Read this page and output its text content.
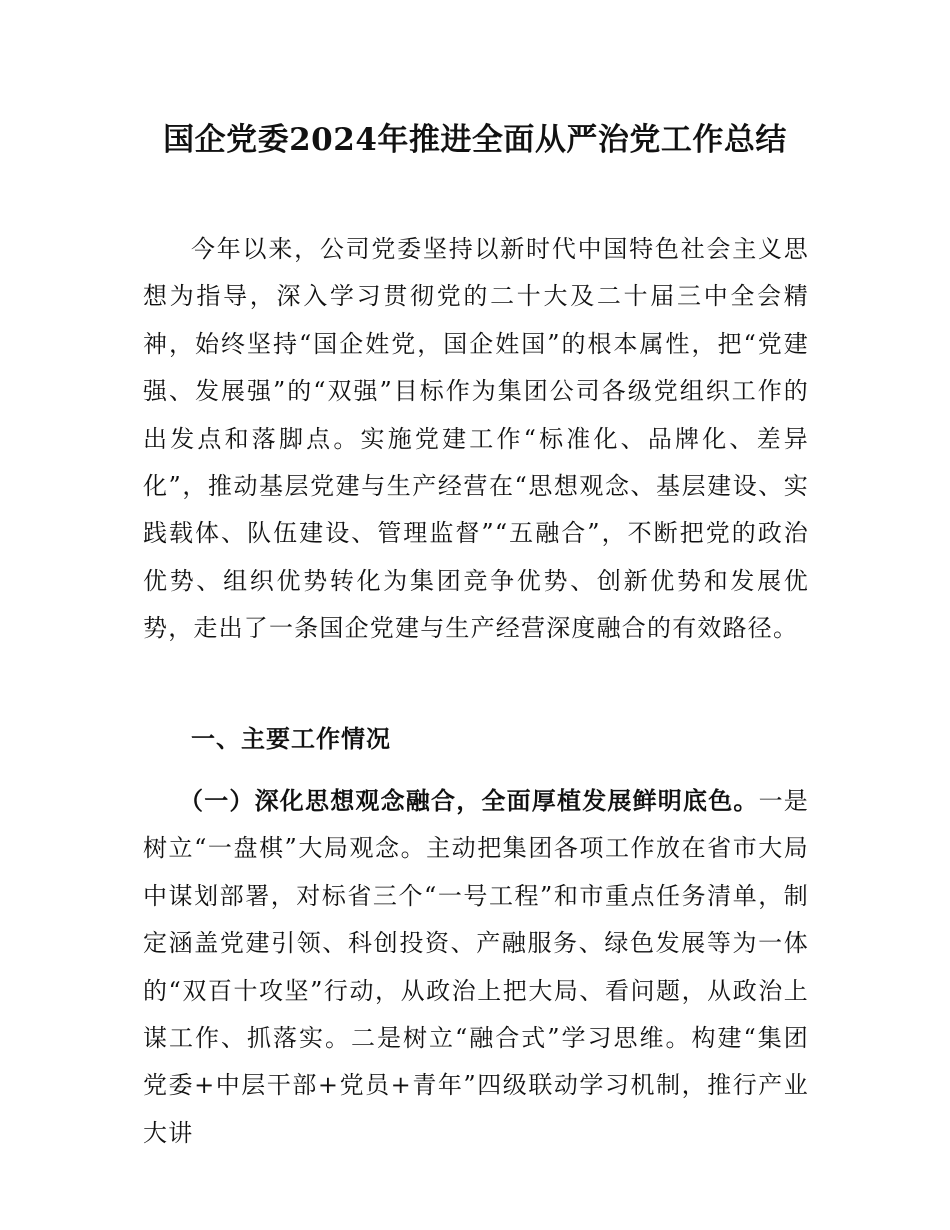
国企党委2024年推进全面从严治党工作总结

今年以来，公司党委坚持以新时代中国特色社会主义思想为指导，深入学习贯彻党的二十大及二十届三中全会精神，始终坚持“国企姓党，国企姓国”的根本属性，把“党建强、发展强”的“双强”目标作为集团公司各级党组织工作的出发点和落脚点。实施党建工作“标准化、品牌化、差异化”，推动基层党建与生产经营在“思想观念、基层建设、实践载体、队伍建设、管理监督”“五融合”，不断把党的政治优势、组织优势转化为集团竞争优势、创新优势和发展优势，走出了一条国企党建与生产经营深度融合的有效路径。

一、主要工作情况

（一）深化思想观念融合，全面厚植发展鲜明底色。一是树立“一盘棋”大局观念。主动把集团各项工作放在省市大局中谋划部署，对标省三个“一号工程”和市重点任务清单，制定涵盖党建引领、科创投资、产融服务、绿色发展等为一体的“双百十攻坚”行动，从政治上把大局、看问题，从政治上谋工作、抓落实。二是树立“融合式”学习思维。构建“集团党委+中层干部+党员+青年”四级联动学习机制，推行产业大讲
